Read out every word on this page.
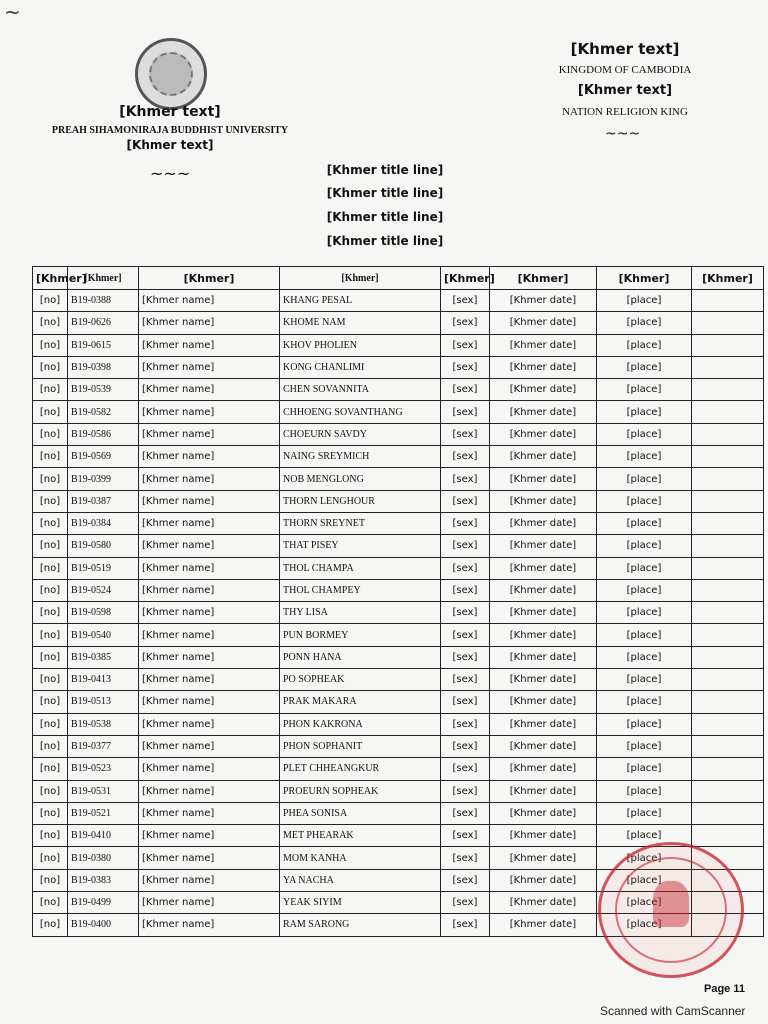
~
[Khmer text]
PREAH SIHAMONIRAJA BUDDHIST UNIVERSITY
[Khmer text]
~~~
[Khmer text]
KINGDOM OF CAMBODIA
[Khmer text]
NATION RELIGION KING
~~~
[Khmer title line]
[Khmer title line]
[Khmer title line]
[Khmer title line]
[Khmer]	[Khmer]	[Khmer]	[Khmer]	[Khmer]	[Khmer]	[Khmer]	[Khmer]
[no]	B19-0388	[Khmer name]	KHANG PESAL	[sex]	[Khmer date]	[place]	
[no]	B19-0626	[Khmer name]	KHOME NAM	[sex]	[Khmer date]	[place]	
[no]	B19-0615	[Khmer name]	KHOV PHOLIEN	[sex]	[Khmer date]	[place]	
[no]	B19-0398	[Khmer name]	KONG CHANLIMI	[sex]	[Khmer date]	[place]	
[no]	B19-0539	[Khmer name]	CHEN SOVANNITA	[sex]	[Khmer date]	[place]	
[no]	B19-0582	[Khmer name]	CHHOENG SOVANTHANG	[sex]	[Khmer date]	[place]	
[no]	B19-0586	[Khmer name]	CHOEURN SAVDY	[sex]	[Khmer date]	[place]	
[no]	B19-0569	[Khmer name]	NAING SREYMICH	[sex]	[Khmer date]	[place]	
[no]	B19-0399	[Khmer name]	NOB MENGLONG	[sex]	[Khmer date]	[place]	
[no]	B19-0387	[Khmer name]	THORN LENGHOUR	[sex]	[Khmer date]	[place]	
[no]	B19-0384	[Khmer name]	THORN SREYNET	[sex]	[Khmer date]	[place]	
[no]	B19-0580	[Khmer name]	THAT PISEY	[sex]	[Khmer date]	[place]	
[no]	B19-0519	[Khmer name]	THOL CHAMPA	[sex]	[Khmer date]	[place]	
[no]	B19-0524	[Khmer name]	THOL CHAMPEY	[sex]	[Khmer date]	[place]	
[no]	B19-0598	[Khmer name]	THY LISA	[sex]	[Khmer date]	[place]	
[no]	B19-0540	[Khmer name]	PUN BORMEY	[sex]	[Khmer date]	[place]	
[no]	B19-0385	[Khmer name]	PONN HANA	[sex]	[Khmer date]	[place]	
[no]	B19-0413	[Khmer name]	PO SOPHEAK	[sex]	[Khmer date]	[place]	
[no]	B19-0513	[Khmer name]	PRAK MAKARA	[sex]	[Khmer date]	[place]	
[no]	B19-0538	[Khmer name]	PHON KAKRONA	[sex]	[Khmer date]	[place]	
[no]	B19-0377	[Khmer name]	PHON SOPHANIT	[sex]	[Khmer date]	[place]	
[no]	B19-0523	[Khmer name]	PLET CHHEANGKUR	[sex]	[Khmer date]	[place]	
[no]	B19-0531	[Khmer name]	PROEURN SOPHEAK	[sex]	[Khmer date]	[place]	
[no]	B19-0521	[Khmer name]	PHEA SONISA	[sex]	[Khmer date]	[place]	
[no]	B19-0410	[Khmer name]	MET PHEARAK	[sex]	[Khmer date]	[place]	
[no]	B19-0380	[Khmer name]	MOM KANHA	[sex]	[Khmer date]	[place]	
[no]	B19-0383	[Khmer name]	YA NACHA	[sex]	[Khmer date]	[place]	
[no]	B19-0499	[Khmer name]	YEAK SIYIM	[sex]	[Khmer date]	[place]	
[no]	B19-0400	[Khmer name]	RAM SARONG	[sex]	[Khmer date]	[place]	
Page 11
Scanned with CamScanner
